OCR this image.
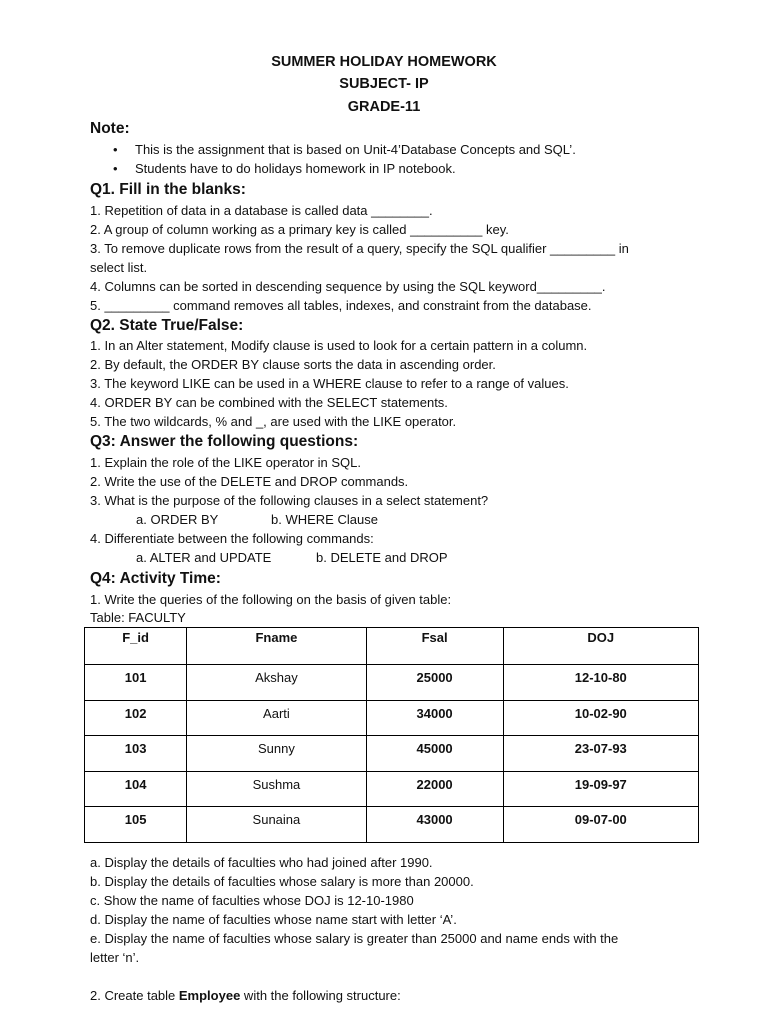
SUMMER HOLIDAY HOMEWORK
SUBJECT- IP
GRADE-11
Note:
• This is the assignment that is based on Unit-4’Database Concepts and SQL’.
• Students have to do holidays homework in IP notebook.
Q1. Fill in the blanks:
1. Repetition of data in a database is called data ________.
2. A group of column working as a primary key is called __________ key.
3. To remove duplicate rows from the result of a query, specify the SQL qualifier _________ in
select list.
4. Columns can be sorted in descending sequence by using the SQL keyword_________.
5. _________ command removes all tables, indexes, and constraint from the database.
Q2. State True/False:
1. In an Alter statement, Modify clause is used to look for a certain pattern in a column.
2. By default, the ORDER BY clause sorts the data in ascending order.
3. The keyword LIKE can be used in a WHERE clause to refer to a range of values.
4. ORDER BY can be combined with the SELECT statements.
5. The two wildcards, % and _, are used with the LIKE operator.
Q3: Answer the following questions:
1. Explain the role of the LIKE operator in SQL.
2. Write the use of the DELETE and DROP commands.
3. What is the purpose of the following clauses in a select statement?
a. ORDER BY	b. WHERE Clause
4. Differentiate between the following commands:
a. ALTER and UPDATE	b. DELETE and DROP
Q4: Activity Time:
1. Write the queries of the following on the basis of given table:
Table: FACULTY
F_id	Fname	Fsal	DOJ
101	Akshay	25000	12-10-80
102	Aarti	34000	10-02-90
103	Sunny	45000	23-07-93
104	Sushma	22000	19-09-97
105	Sunaina	43000	09-07-00
a. Display the details of faculties who had joined after 1990.
b. Display the details of faculties whose salary is more than 20000.
c. Show the name of faculties whose DOJ is 12-10-1980
d. Display the name of faculties whose name start with letter ‘A’.
e. Display the name of faculties whose salary is greater than 25000 and name ends with the
letter ‘n’.
2. Create table Employee with the following structure:
